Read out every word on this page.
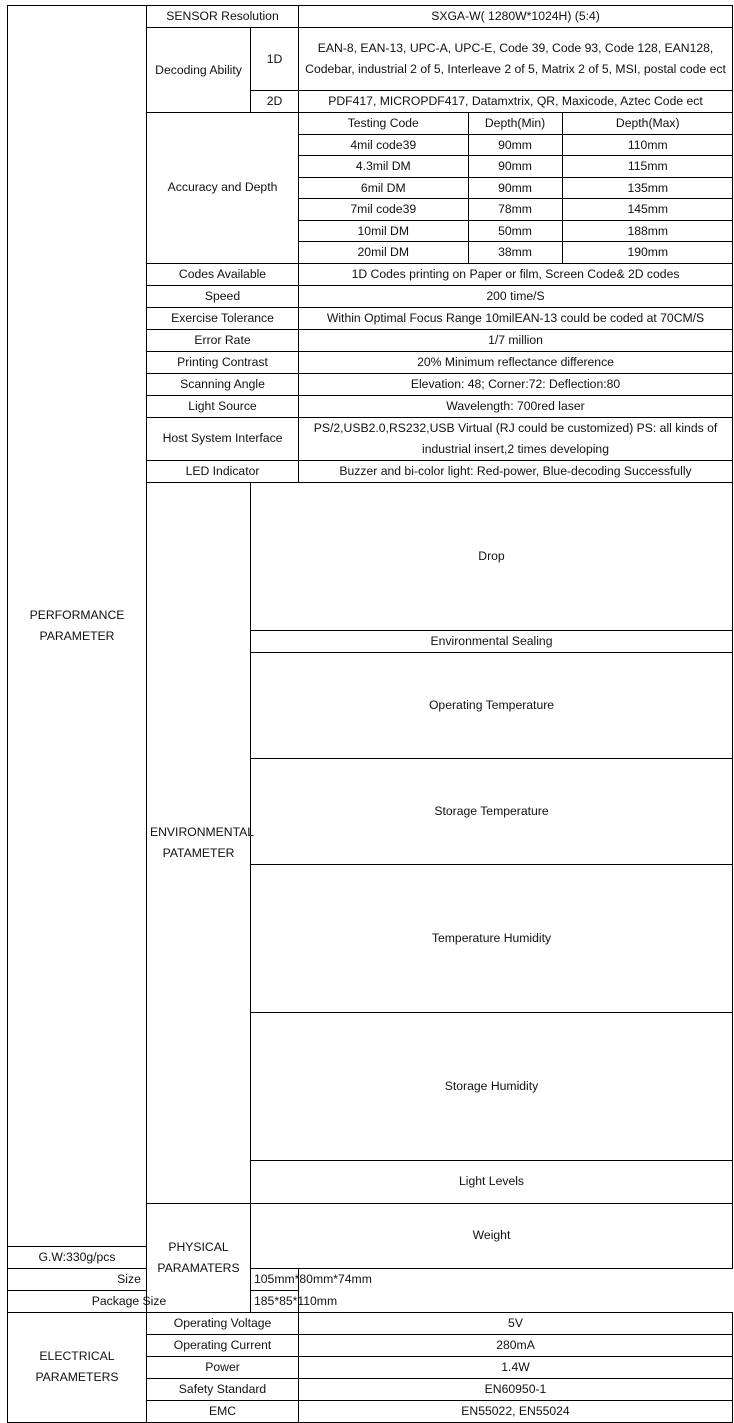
PERFORMANCE PARAMETER	SENSOR Resolution	SXGA-W( 1280W*1024H) (5:4)
Decoding Ability	1D	EAN-8, EAN-13, UPC-A, UPC-E, Code 39, Code 93, Code 128, EAN128, Codebar, industrial 2 of 5, Interleave 2 of 5, Matrix 2 of 5, MSI, postal code ect
2D	PDF417, MICROPDF417, Datamxtrix, QR, Maxicode, Aztec Code ect
Accuracy and Depth	
Testing Code	Depth(Min)	Depth(Max)
4mil code39	90mm	110mm
4.3mil DM	90mm	115mm
6mil DM	90mm	135mm
7mil code39	78mm	145mm
10mil DM	50mm	188mm
20mil DM	38mm	190mm

Codes Available	1D Codes printing on Paper or film, Screen Code& 2D codes
Speed	200 time/S
Exercise Tolerance	Within Optimal Focus Range 10milEAN-13 could be coded at 70CM/S
Error Rate	1/7 million
Printing Contrast	20% Minimum reflectance difference
Scanning Angle	Elevation: 48; Corner:72: Deflection:80
Light Source	Wavelength: 700red laser
Host System Interface	PS/2,USB2.0,RS232,USB Virtual (RJ could be customized) PS: all kinds of industrial insert,2 times developing
LED Indicator	Buzzer and bi-color light: Red-power, Blue-decoding Successfully
ENVIRONMENTAL PATAMETER	Drop	
Environmental Sealing	
Operating Temperature	
Storage Temperature	
Temperature Humidity	
Storage Humidity	
Light Levels	
PHYSICAL PARAMATERS	Weight	
G.W:330g/pcs
Size	105mm*80mm*74mm
Package Size	185*85*110mm
ELECTRICAL PARAMETERS	Operating Voltage	5V
Operating Current	280mA
Power	1.4W
Safety Standard	EN60950-1
EMC	EN55022, EN55024
